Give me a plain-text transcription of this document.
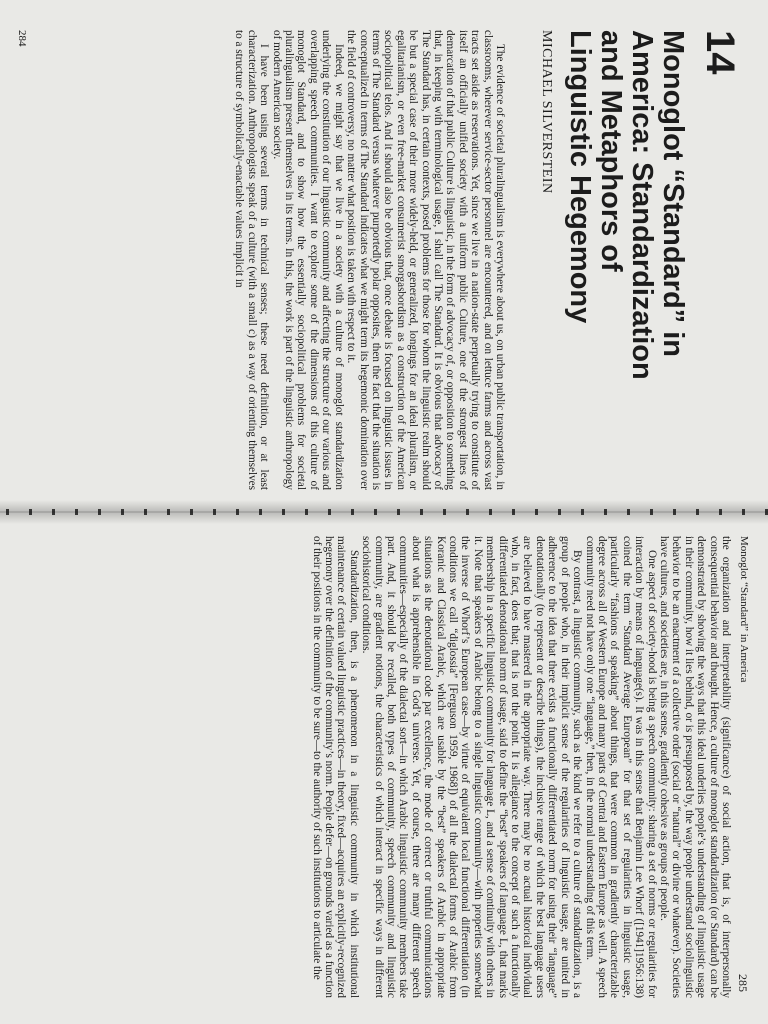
14
Monoglot “Standard” in
America: Standardization
and Metaphors of
Linguistic Hegemony
MICHAEL SILVERSTEIN

The evidence of societal pluralingualism is everywhere about us, on urban public transportation, in classrooms, wherever service-sector personnel are encountered, and on lettuce farms and across vast tracts set aside as reservations. Yet, since we live in a nation-state perpetually trying to constitute of itself an officially unified society with a uniform public Culture, one of the strongest lines of demarcation of that public Culture is linguistic, in the form of advocacy of, or opposition to something that, in keeping with terminological usage, I shall call The Standard. It is obvious that advocacy of The Standard has, in certain contexts, posed problems for those for whom the linguistic realm should be but a special case of their more widely-held, or generalized, longings for an ideal pluralism, or egalitarianism, or even free-market consumerist smorgasbordism as a construction of the American sociopolitical telos. And it should also be obvious that, once debate is focused on linguistic issues in terms of The Standard versus whatever purportedly polar opposites, then the fact that the situation is conceptualized in terms of The Standard indicates what we might term its hegemonic domination over the field of controversy, no matter what position is taken with respect to it.

Indeed, we might say that we live in a society with a culture of monoglot standardization underlying the constitution of our linguistic community and affecting the structure of our various and overlapping speech communities. I want to explore some of the dimensions of this culture of monoglot Standard, and to show how the essentially sociopolitical problems for societal pluralingualism present themselves in its terms. In this, the work is part of the linguistic anthropology of modern American society.

I have been using several terms in technical senses; these need definition, or at least characterization. Anthropologists speak of a culture (with a small c) as a way of orienting themselves to a structure of symbolically-enactable values implicit in

284
Monoglot “Standard” in America
285

the organization and interpretability (significance) of social action, that is, of interpersonally consequential behavior and thought. Hence, a culture of monoglot standardization (or Standard) can be demonstrated by showing the ways that this ideal underlies people’s understanding of linguistic usage in their community, how it lies behind, or is presupposed by, the way people understand sociolinguistic behavior to be an enactment of a collective order (social or “natural” or divine or whatever). Societies have cultures, and societies are, in this sense, gradiently cohesive as groups of people.

One aspect of society-hood is being a speech community: sharing a set of norms or regularities for interaction by means of language(s). It was in this sense that Benjamin Lee Whorf ([1941]1956:138) coined the term “Standard Average European” for that set of regularities in linguistic usage, particularly “fashions of speaking” about things, that were common in gradiently characterizable degree across all of Western Europe and many parts of Central and Eastern Europe as well. A speech community need not have only one “language,” then, in the normal understanding of this term.

By contrast, a linguistic community, such as the kind we refer to a culture of standardization, is a group of people who, in their implicit sense of the regularities of linguistic usage, are united in adherence to the idea that there exists a functionally differentiated norm for using their “language” denotationally (to represent or describe things), the inclusive range of which the best language users are believed to have mastered in the appropriate way. There may be no actual historical individual who, in fact, does that; that is not the point. It is allegiance to the concept of such a functionally differentiated denotational norm of usage, said to define the “best” speakers of language L, that marks membership in a specific linguistic community for language L, and a sense of continuity with others in it. Note that speakers of Arabic belong to a single linguistic community—with properties somewhat the inverse of Whorf’s European case—by virtue of equivalent local functional differentiation (in conditions we call “diglossia” [Ferguson 1959, 1968]) of all the dialectal forms of Arabic from Koranic and Classical Arabic, which are usable by the “best” speakers of Arabic in appropriate situations as the denotational code par excellence, the mode of correct or truthful communications about what is apprehensible in God’s universe. Yet, of course, there are many different speech communities—especially of the dialectal sort—in which Arabic linguistic community members take part. And, it should be recalled, both types of community, speech community and linguistic community, are gradient notions, the characteristics of which interact in specific ways in different sociohistorical conditions.

Standardization, then, is a phenomenon in a linguistic community in which institutional maintenance of certain valued linguistic practices—in theory, fixed—acquires an explicitly-recognized hegemony over the definition of the community’s norm. People defer—on grounds varied as a function of their positions in the community to be sure—to the authority of such institutions to articulate the
